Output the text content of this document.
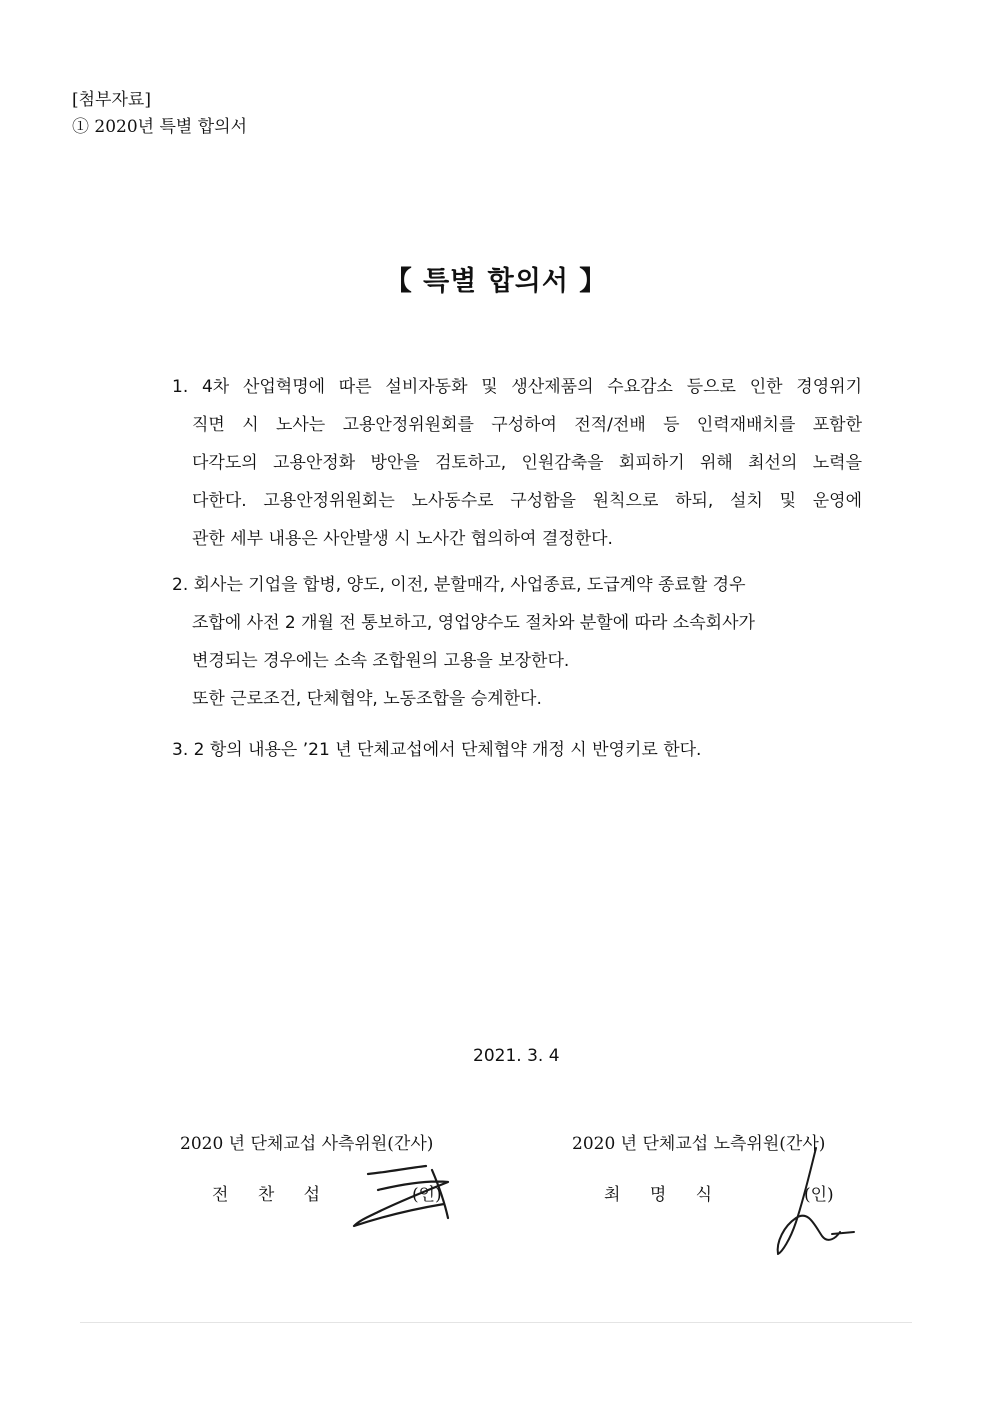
[첨부자료]
① 2020년 특별 합의서
【 특별 합의서 】
1. 4차 산업혁명에 따른 설비자동화 및 생산제품의 수요감소 등으로 인한 경영위기
직면 시 노사는 고용안정위원회를 구성하여 전적/전배 등 인력재배치를 포함한
다각도의 고용안정화 방안을 검토하고, 인원감축을 회피하기 위해 최선의 노력을
다한다. 고용안정위원회는 노사동수로 구성함을 원칙으로 하되, 설치 및 운영에
관한 세부 내용은 사안발생 시 노사간 협의하여 결정한다.
2. 회사는 기업을 합병, 양도, 이전, 분할매각, 사업종료, 도급계약 종료할 경우
조합에 사전 2 개월 전 통보하고, 영업양수도 절차와 분할에 따라 소속회사가
변경되는 경우에는 소속 조합원의 고용을 보장한다.
또한 근로조건, 단체협약, 노동조합을 승계한다.
3. 2 항의 내용은 ’21 년 단체교섭에서 단체협약 개정 시 반영키로 한다.
2021. 3. 4
2020 년 단체교섭 사측위원(간사)
전 찬 섭	(인)
2020 년 단체교섭 노측위원(간사)
최 명 식	(인)
